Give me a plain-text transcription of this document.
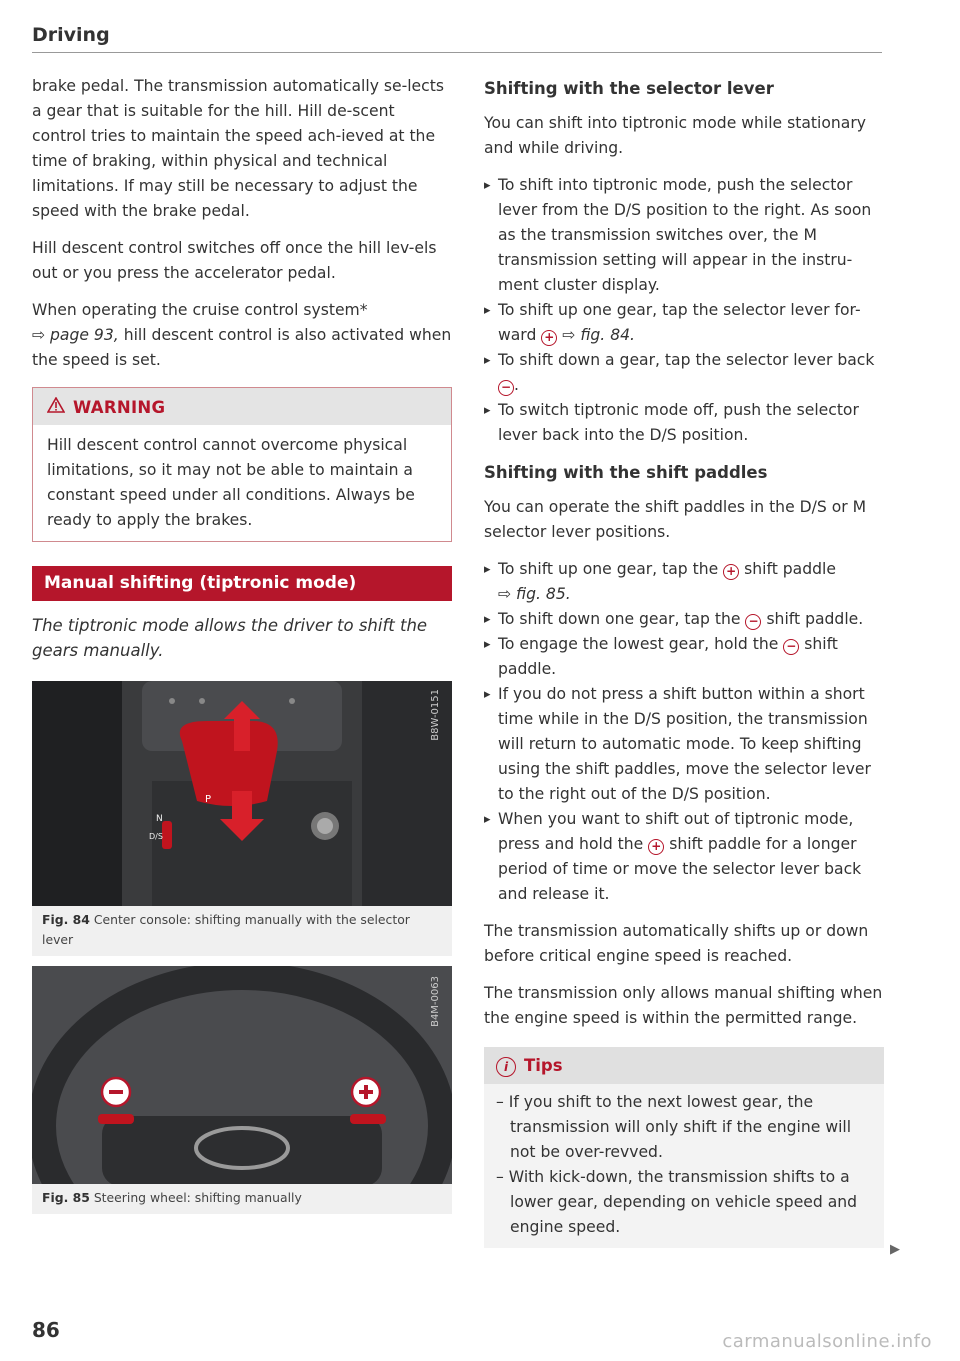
Driving

brake pedal. The transmission automatically se-lects a gear that is suitable for the hill. Hill de-scent control tries to maintain the speed ach-ieved at the time of braking, within physical and technical limitations. If may still be necessary to adjust the speed with the brake pedal.

Hill descent control switches off once the hill lev-els out or you press the accelerator pedal.

When operating the cruise control system*
⇨ page 93, hill descent control is also activated when the speed is set.

WARNING
Hill descent control cannot overcome physical limitations, so it may not be able to maintain a constant speed under all conditions. Always be ready to apply the brakes.
Manual shifting (tiptronic mode)
The tiptronic mode allows the driver to shift the gears manually.
P
N
D/S
B8W-0151
Fig. 84 Center console: shifting manually with the selector lever
B4M-0063
Fig. 85 Steering wheel: shifting manually
Shifting with the selector lever

You can shift into tiptronic mode while stationary and while driving.

▸ To shift into tiptronic mode, push the selector lever from the D/S position to the right. As soon as the transmission switches over, the M transmission setting will appear in the instru-ment cluster display.
▸ To shift up one gear, tap the selector lever for-ward + ⇨ fig. 84.
▸ To shift down a gear, tap the selector lever back − .
▸ To switch tiptronic mode off, push the selector lever back into the D/S position.
Shifting with the shift paddles

You can operate the shift paddles in the D/S or M selector lever positions.

▸ To shift up one gear, tap the + shift paddle
⇨ fig. 85.
▸ To shift down one gear, tap the − shift paddle.
▸ To engage the lowest gear, hold the − shift paddle.
▸ If you do not press a shift button within a short time while in the D/S position, the transmission will return to automatic mode. To keep shifting using the shift paddles, move the selector lever to the right out of the D/S position.
▸ When you want to shift out of tiptronic mode, press and hold the + shift paddle for a longer period of time or move the selector lever back and release it.

The transmission automatically shifts up or down before critical engine speed is reached.

The transmission only allows manual shifting when the engine speed is within the permitted range.

i Tips
– If you shift to the next lowest gear, the transmission will only shift if the engine will not be over-revved.
– With kick-down, the transmission shifts to a lower gear, depending on vehicle speed and engine speed.
▶
86	carmanualsonline.info
